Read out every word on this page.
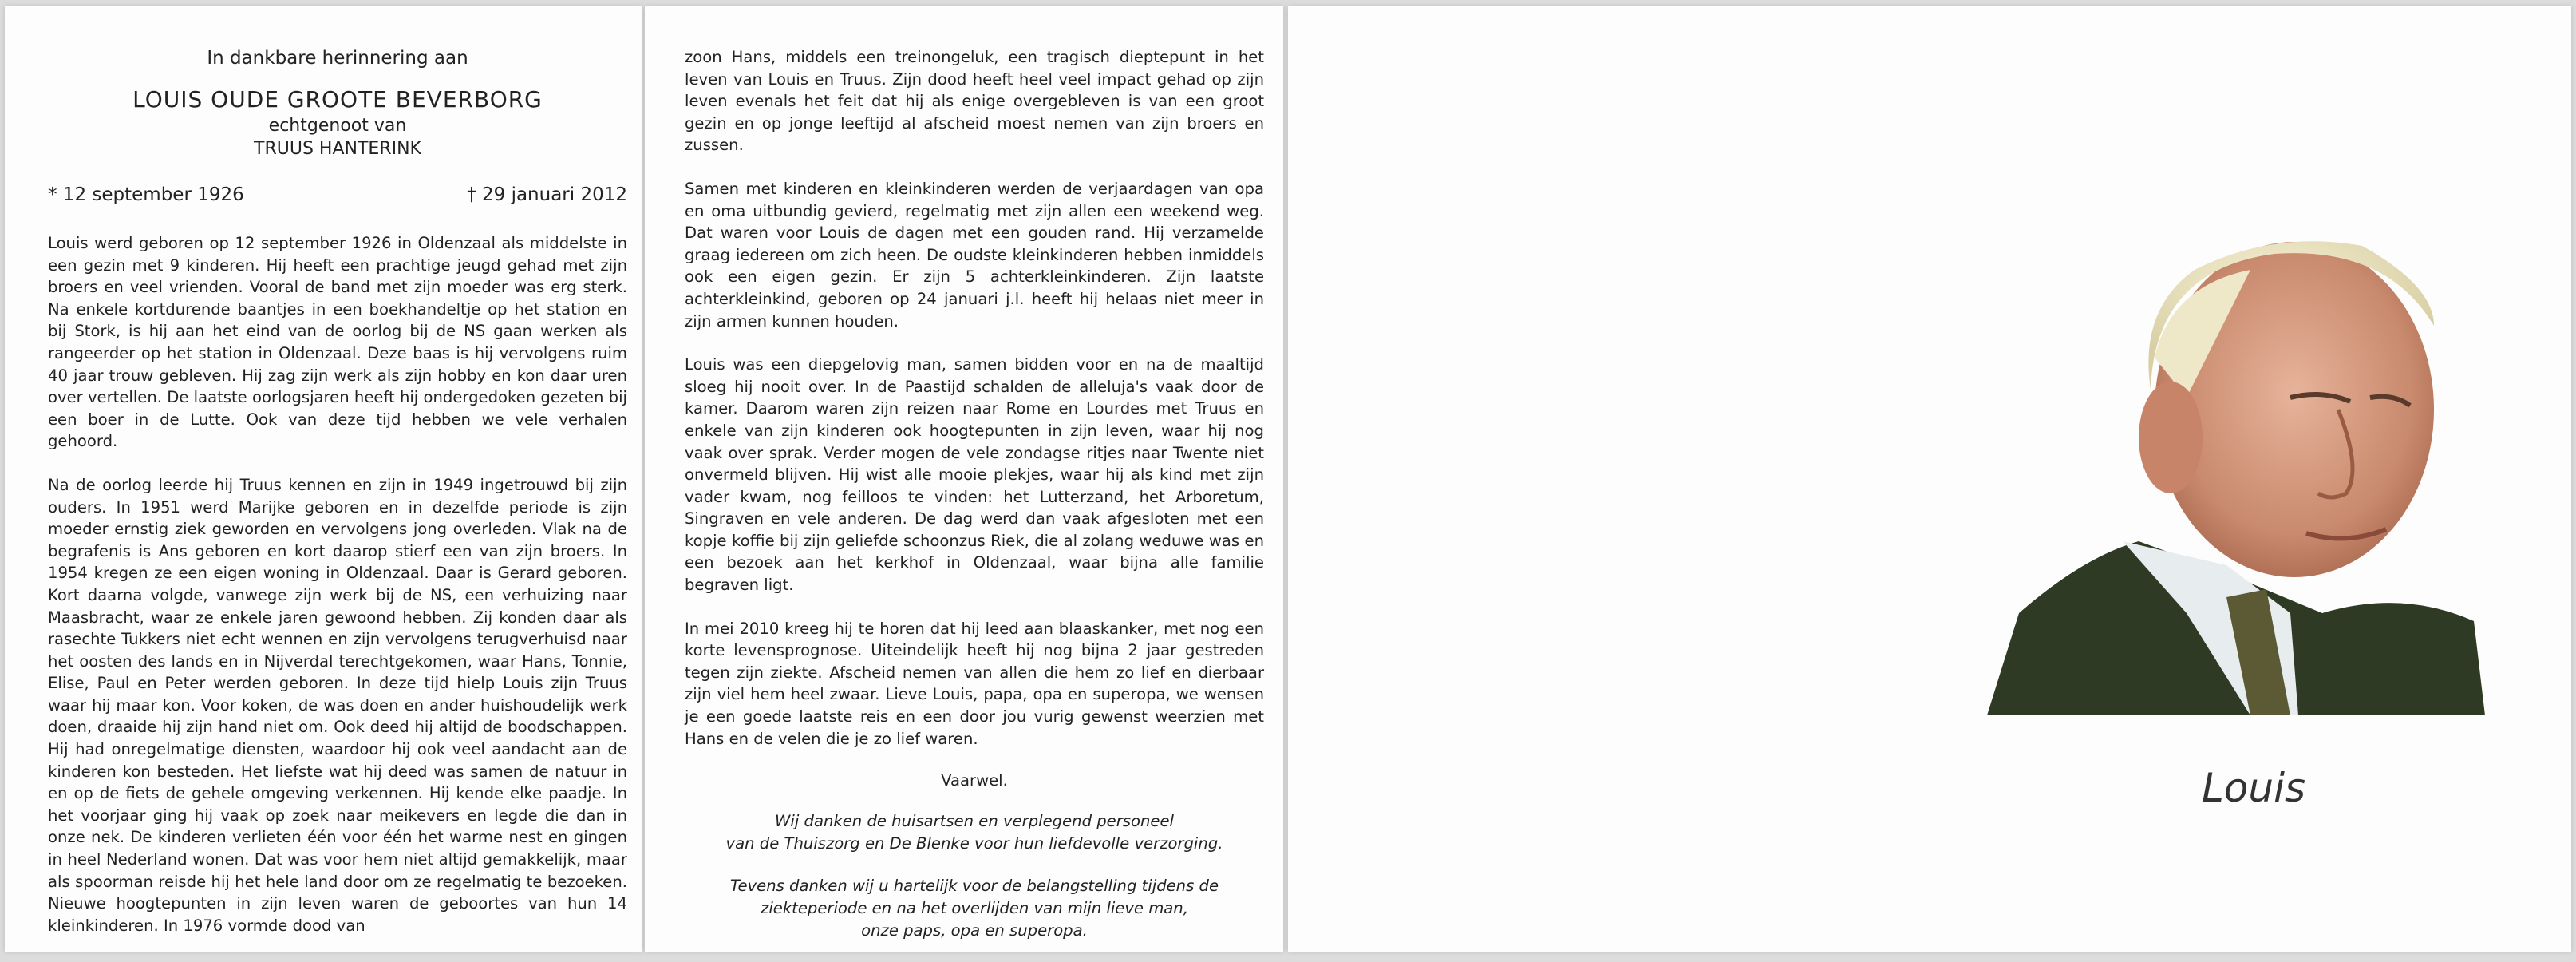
In dankbare herinnering aan
LOUIS OUDE GROOTE BEVERBORG
echtgenoot van
TRUUS HANTERINK
* 12 september 1926	† 29 januari 2012

Louis werd geboren op 12 september 1926 in Oldenzaal als middelste in een gezin met 9 kinderen. Hij heeft een prachtige jeugd gehad met zijn broers en veel vrienden. Vooral de band met zijn moeder was erg sterk. Na enkele kortdurende baantjes in een boekhandeltje op het station en bij Stork, is hij aan het eind van de oorlog bij de NS gaan werken als rangeerder op het station in Oldenzaal. Deze baas is hij vervolgens ruim 40 jaar trouw gebleven. Hij zag zijn werk als zijn hobby en kon daar uren over vertellen. De laatste oorlogsjaren heeft hij ondergedoken gezeten bij een boer in de Lutte. Ook van deze tijd hebben we vele verhalen gehoord.

Na de oorlog leerde hij Truus kennen en zijn in 1949 ingetrouwd bij zijn ouders. In 1951 werd Marijke geboren en in dezelfde periode is zijn moeder ernstig ziek geworden en vervolgens jong overleden. Vlak na de begrafenis is Ans geboren en kort daarop stierf een van zijn broers. In 1954 kregen ze een eigen woning in Oldenzaal. Daar is Gerard geboren. Kort daarna volgde, vanwege zijn werk bij de NS, een verhuizing naar Maasbracht, waar ze enkele jaren gewoond hebben. Zij konden daar als rasechte Tukkers niet echt wennen en zijn vervolgens terugverhuisd naar het oosten des lands en in Nijverdal terechtgekomen, waar Hans, Tonnie, Elise, Paul en Peter werden geboren. In deze tijd hielp Louis zijn Truus waar hij maar kon. Voor koken, de was doen en ander huishoudelijk werk doen, draaide hij zijn hand niet om. Ook deed hij altijd de boodschappen. Hij had onregelmatige diensten, waardoor hij ook veel aandacht aan de kinderen kon besteden. Het liefste wat hij deed was samen de natuur in en op de fiets de gehele omgeving verkennen. Hij kende elke paadje. In het voorjaar ging hij vaak op zoek naar meikevers en legde die dan in onze nek. De kinderen verlieten één voor één het warme nest en gingen in heel Nederland wonen. Dat was voor hem niet altijd gemakkelijk, maar als spoorman reisde hij het hele land door om ze regelmatig te bezoeken. Nieuwe hoogtepunten in zijn leven waren de geboortes van hun 14 kleinkinderen. In 1976 vormde dood van

zoon Hans, middels een treinongeluk, een tragisch dieptepunt in het leven van Louis en Truus. Zijn dood heeft heel veel impact gehad op zijn leven evenals het feit dat hij als enige overgebleven is van een groot gezin en op jonge leeftijd al afscheid moest nemen van zijn broers en zussen.

Samen met kinderen en kleinkinderen werden de verjaardagen van opa en oma uitbundig gevierd, regelmatig met zijn allen een weekend weg. Dat waren voor Louis de dagen met een gouden rand. Hij verzamelde graag iedereen om zich heen. De oudste kleinkinderen hebben inmiddels ook een eigen gezin. Er zijn 5 achterkleinkinderen. Zijn laatste achterkleinkind, geboren op 24 januari j.l. heeft hij helaas niet meer in zijn armen kunnen houden.

Louis was een diepgelovig man, samen bidden voor en na de maaltijd sloeg hij nooit over. In de Paastijd schalden de alleluja's vaak door de kamer. Daarom waren zijn reizen naar Rome en Lourdes met Truus en enkele van zijn kinderen ook hoogtepunten in zijn leven, waar hij nog vaak over sprak. Verder mogen de vele zondagse ritjes naar Twente niet onvermeld blijven. Hij wist alle mooie plekjes, waar hij als kind met zijn vader kwam, nog feilloos te vinden: het Lutterzand, het Arboretum, Singraven en vele anderen. De dag werd dan vaak afgesloten met een kopje koffie bij zijn geliefde schoonzus Riek, die al zolang weduwe was en een bezoek aan het kerkhof in Oldenzaal, waar bijna alle familie begraven ligt.

In mei 2010 kreeg hij te horen dat hij leed aan blaaskanker, met nog een korte levensprognose. Uiteindelijk heeft hij nog bijna 2 jaar gestreden tegen zijn ziekte. Afscheid nemen van allen die hem zo lief en dierbaar zijn viel hem heel zwaar. Lieve Louis, papa, opa en superopa, we wensen je een goede laatste reis en een door jou vurig gewenst weerzien met Hans en de velen die je zo lief waren.

Vaarwel.
Wij danken de huisartsen en verplegend personeel
van de Thuiszorg en De Blenke voor hun liefdevolle verzorging.
Tevens danken wij u hartelijk voor de belangstelling tijdens de
ziekteperiode en na het overlijden van mijn lieve man,
onze paps, opa en superopa.
Louis
